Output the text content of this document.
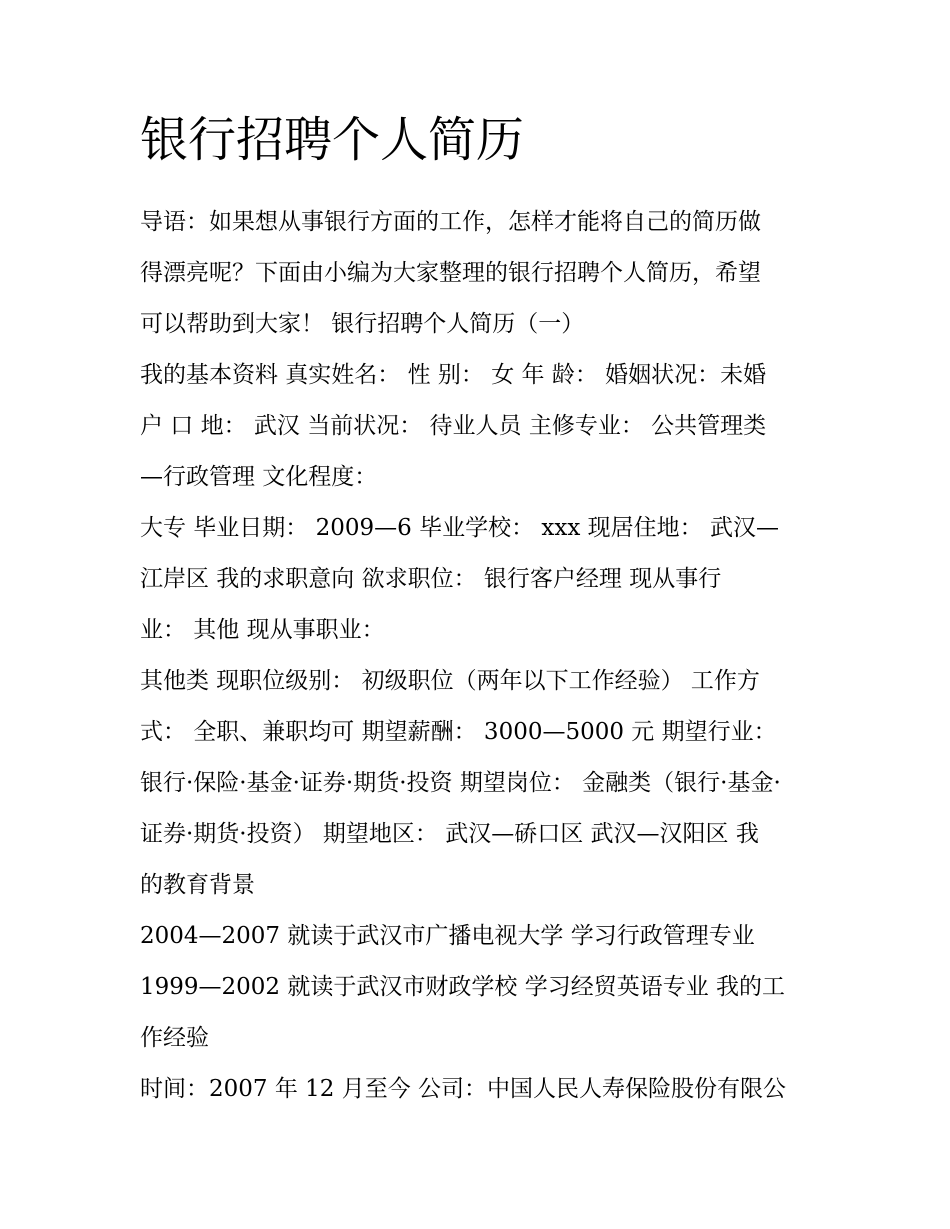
银行招聘个人简历

导语：如果想从事银行方面的工作，怎样才能将自己的简历做

得漂亮呢？下面由小编为大家整理的银行招聘个人简历，希望

可以帮助到大家！ 银行招聘个人简历（一）

我的基本资料 真实姓名： 性 别： 女 年 龄： 婚姻状况：未婚

户 口 地： 武汉 当前状况： 待业人员 主修专业： 公共管理类

—行政管理 文化程度：

大专 毕业日期： 2009—6 毕业学校： xxx 现居住地： 武汉—

江岸区 我的求职意向 欲求职位： 银行客户经理 现从事行

业： 其他 现从事职业：

其他类 现职位级别： 初级职位（两年以下工作经验） 工作方

式： 全职、兼职均可 期望薪酬： 3000—5000 元 期望行业：

银行·保险·基金·证券·期货·投资 期望岗位： 金融类（银行·基金·

证券·期货·投资） 期望地区： 武汉—硚口区 武汉—汉阳区 我

的教育背景

2004—2007 就读于武汉市广播电视大学 学习行政管理专业

1999—2002 就读于武汉市财政学校 学习经贸英语专业 我的工

作经验

时间：2007 年 12 月至今 公司：中国人民人寿保险股份有限公
